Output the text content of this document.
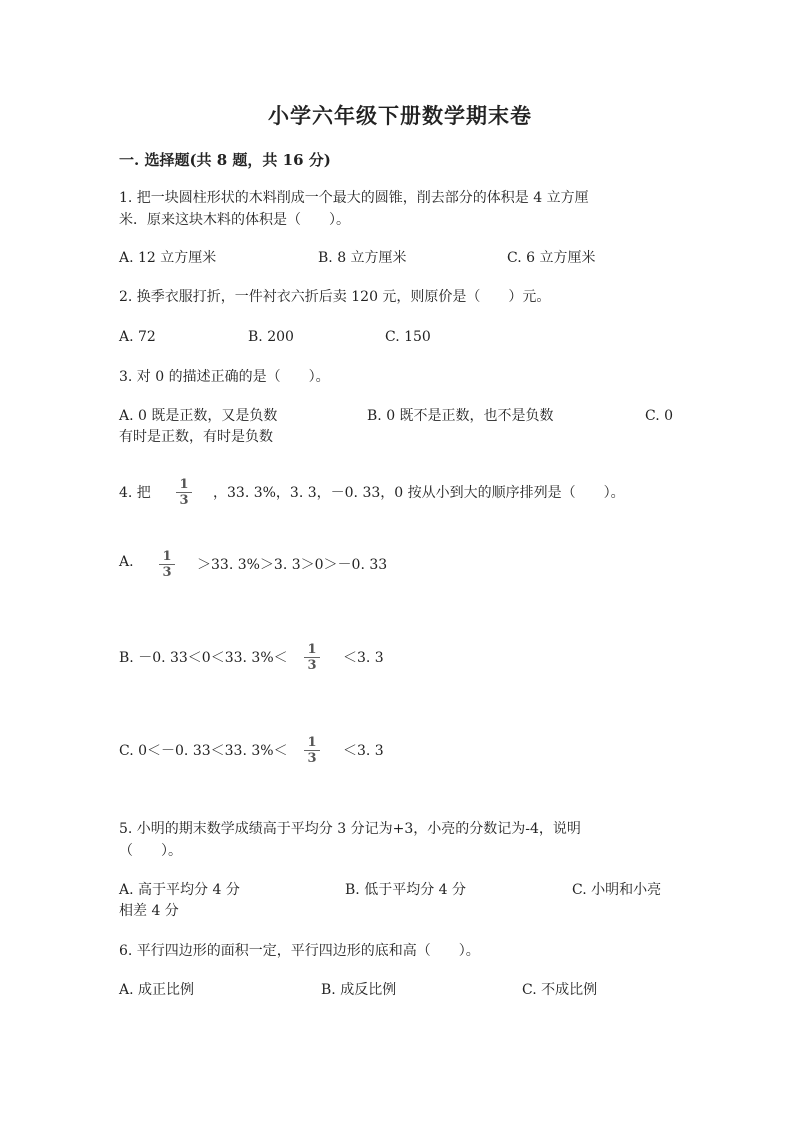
小学六年级下册数学期末卷
一. 选择题(共 8 题，共 16 分)
1. 把一块圆柱形状的木料削成一个最大的圆锥，削去部分的体积是 4 立方厘
米．原来这块木料的体积是（　　）。
A. 12 立方厘米	B. 8 立方厘米	C. 6 立方厘米
2. 换季衣服打折，一件衬衣六折后卖 120 元，则原价是（　　）元。
A. 72	B. 200	C. 150
3. 对 0 的描述正确的是（　　）。
A. 0 既是正数，又是负数	B. 0 既不是正数，也不是负数	C. 0
有时是正数，有时是负数
4. 把 $\frac{1}{3}$ ，33. 3%，3. 3，－0. 33，0 按从小到大的顺序排列是（　　）。
A. $\frac{1}{3} >33$. 3%＞3. 3＞0＞－0. 33
B. －0. 33＜0＜33. $3\%< \frac{1}{3} <3$. 3
C. 0＜－0. 33＜33. $3\%< \frac{1}{3} <3$. 3
5. 小明的期末数学成绩高于平均分 3 分记为+3，小亮的分数记为-4，说明
（　　）。
A. 高于平均分 4 分	B. 低于平均分 4 分	C. 小明和小亮
相差 4 分
6. 平行四边形的面积一定，平行四边形的底和高（　　）。
A. 成正比例	B. 成反比例	C. 不成比例
